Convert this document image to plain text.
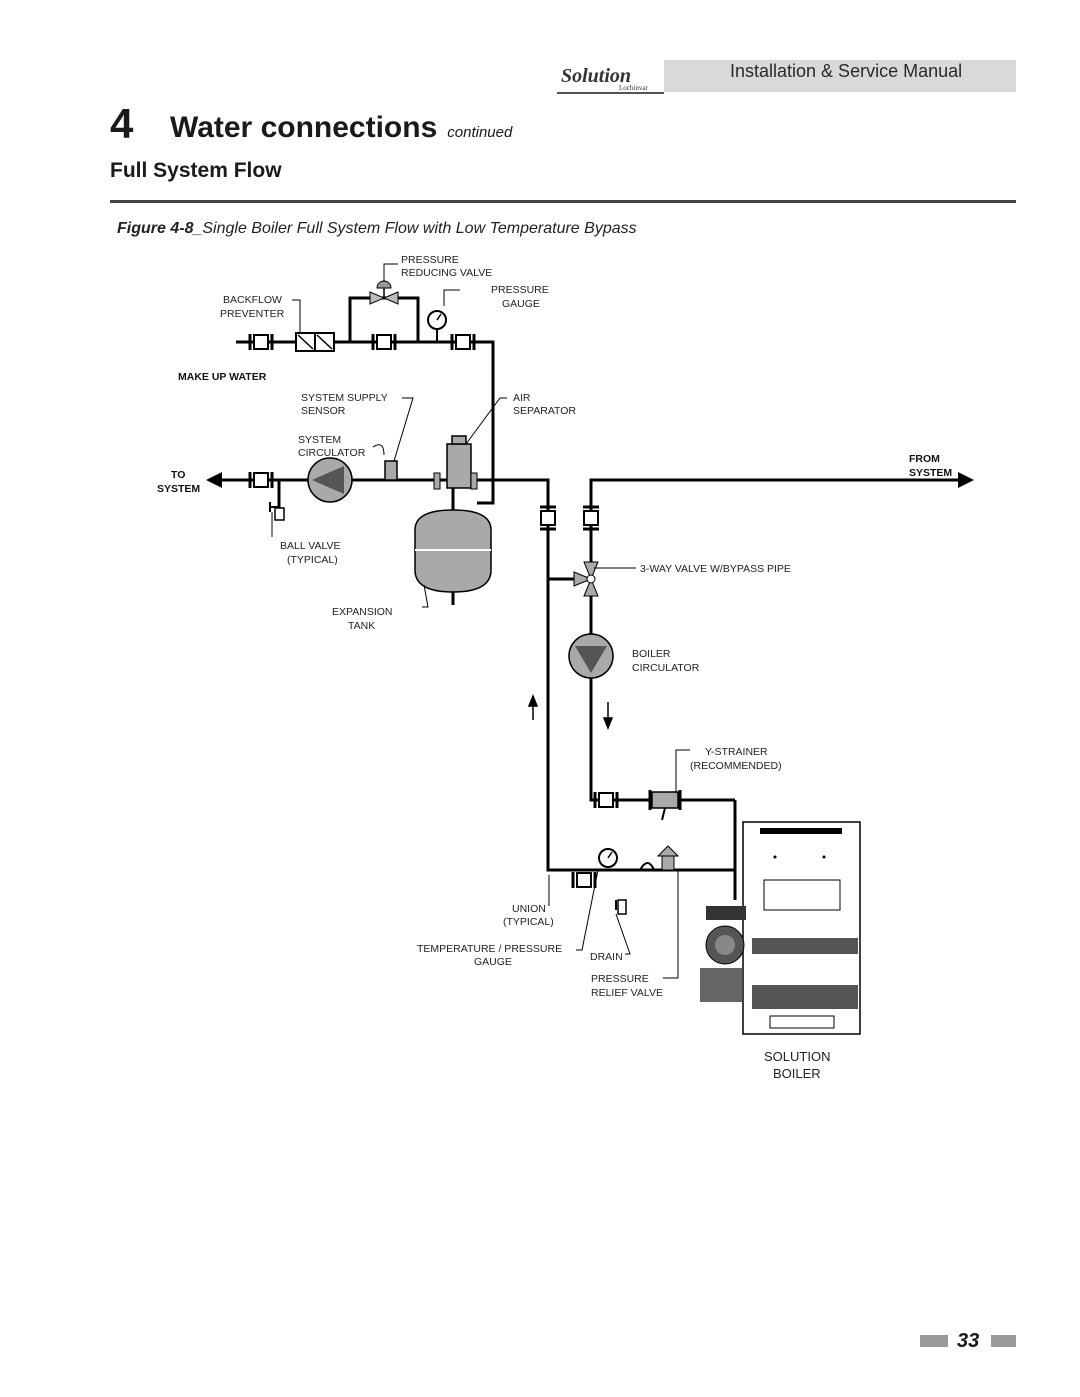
Solution
Lochinvar
Installation & Service Manual
4 Water connections continued
Full System Flow
Figure 4-8_Single Boiler Full System Flow with Low Temperature Bypass
PRESSURE
REDUCING VALVE
BACKFLOW
PREVENTER
PRESSURE
GAUGE
MAKE UP WATER
SYSTEM SUPPLY
SENSOR
AIR
SEPARATOR
SYSTEM
CIRCULATOR
TO
SYSTEM
FROM
SYSTEM
BALL VALVE
(TYPICAL)
3-WAY VALVE W/BYPASS PIPE
EXPANSION
TANK
BOILER
CIRCULATOR
Y-STRAINER
(RECOMMENDED)
UNION
(TYPICAL)
TEMPERATURE / PRESSURE
GAUGE	DRAIN
PRESSURE
RELIEF VALVE
SOLUTION
BOILER
33
